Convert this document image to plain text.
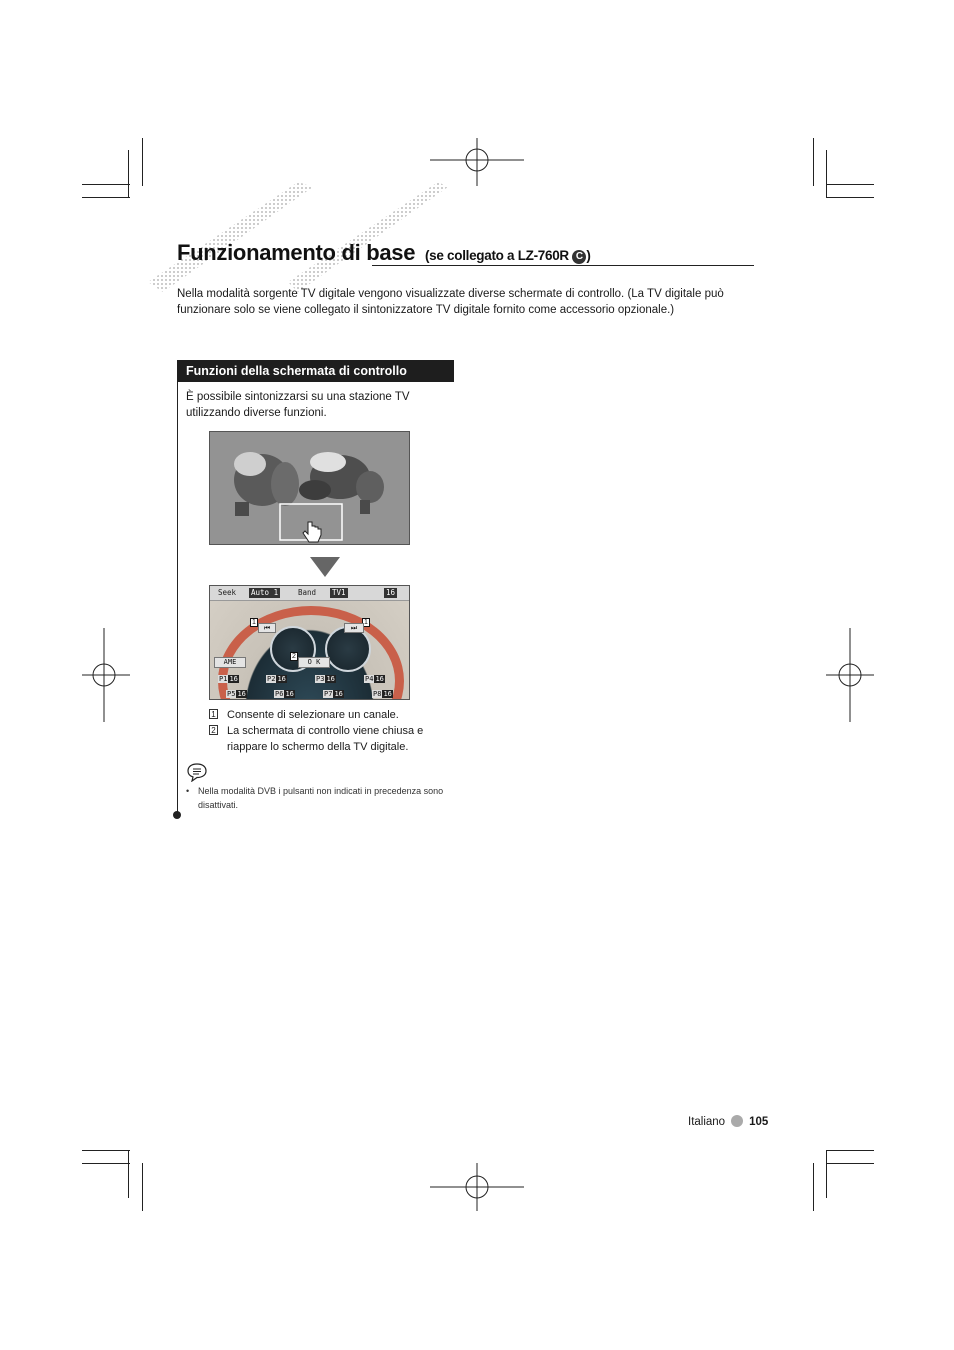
Funzionamento di base (se collegato a LZ-760R C )
Nella modalità sorgente TV digitale vengono visualizzate diverse schermate di controllo. (La TV digitale può funzionare solo se viene collegato il sintonizzatore TV digitale fornito come accessorio opzionale.)
Funzioni della schermata di controllo
È possibile sintonizzarsi su una stazione TV utilizzando diverse funzioni.
Seek Auto 1	Band TV1	16
1
⏮
1
⏭
AME
2
O K
P1 16	P2 16	P3 16	P4 16
P5 16	P6 16	P7 16	P8 16
1 Consente di selezionare un canale.
2 La schermata di controllo viene chiusa e riappare lo schermo della TV digitale.
• Nella modalità DVB i pulsanti non indicati in precedenza sono disattivati.
Italiano 105
